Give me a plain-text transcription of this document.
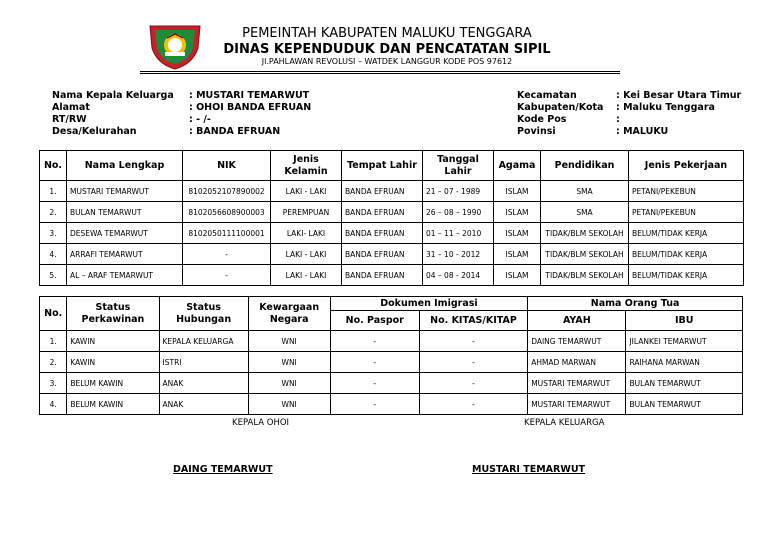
PEMEINTAH KABUPATEN MALUKU TENGGARA
DINAS KEPENDUDUK DAN PENCATATAN SIPIL
Jl.PAHLAWAN REVOLUSI – WATDEK LANGGUR KODE POS 97612
Nama Kepala Keluarga	: MUSTARI TEMARWUT
Alamat	: OHOI BANDA EFRUAN
RT/RW	: - /-
Desa/Kelurahan	: BANDA EFRUAN
Kecamatan	: Kei Besar Utara Timur
Kabupaten/Kota	: Maluku Tenggara
Kode Pos	:
Povinsi	: MALUKU
No.	Nama Lengkap	NIK	Jenis Kelamin	Tempat Lahir	Tanggal Lahir	Agama	Pendidikan	Jenis Pekerjaan
1.	MUSTARI TEMARWUT	8102052107890002	LAKI - LAKI	BANDA EFRUAN	21 – 07 - 1989	ISLAM	SMA	PETANI/PEKEBUN
2.	BULAN TEMARWUT	8102056608900003	PEREMPUAN	BANDA EFRUAN	26 – 08 – 1990	ISLAM	SMA	PETANI/PEKEBUN
3.	DESEWA TEMARWUT	8102050111100001	LAKI- LAKI	BANDA EFRUAN	01 – 11 – 2010	ISLAM	TIDAK/BLM SEKOLAH	BELUM/TIDAK KERJA
4.	ARRAFI TEMARWUT	-	LAKI - LAKI	BANDA EFRUAN	31 – 10 - 2012	ISLAM	TIDAK/BLM SEKOLAH	BELUM/TIDAK KERJA
5.	AL – ARAF TEMARWUT	-	LAKI - LAKI	BANDA EFRUAN	04 – 08 - 2014	ISLAM	TIDAK/BLM SEKOLAH	BELUM/TIDAK KERJA
No.	Status Perkawinan	Status Hubungan	Kewargaan Negara	Dokumen Imigrasi		Nama Orang Tua	
				No. Paspor	No. KITAS/KITAP	AYAH	IBU
1.	KAWIN	KEPALA KELUARGA	WNI	-	-	DAING TEMARWUT	JILANKEI TEMARWUT
2.	KAWIN	ISTRI	WNI	-	-	AHMAD MARWAN	RAIHANA MARWAN
3.	BELUM KAWIN	ANAK	WNI	-	-	MUSTARI TEMARWUT	BULAN TEMARWUT
4.	BELUM KAWIN	ANAK	WNI	-	-	MUSTARI TEMARWUT	BULAN TEMARWUT
KEPALA OHOI	KEPALA KELUARGA
DAING TEMARWUT	MUSTARI TEMARWUT
